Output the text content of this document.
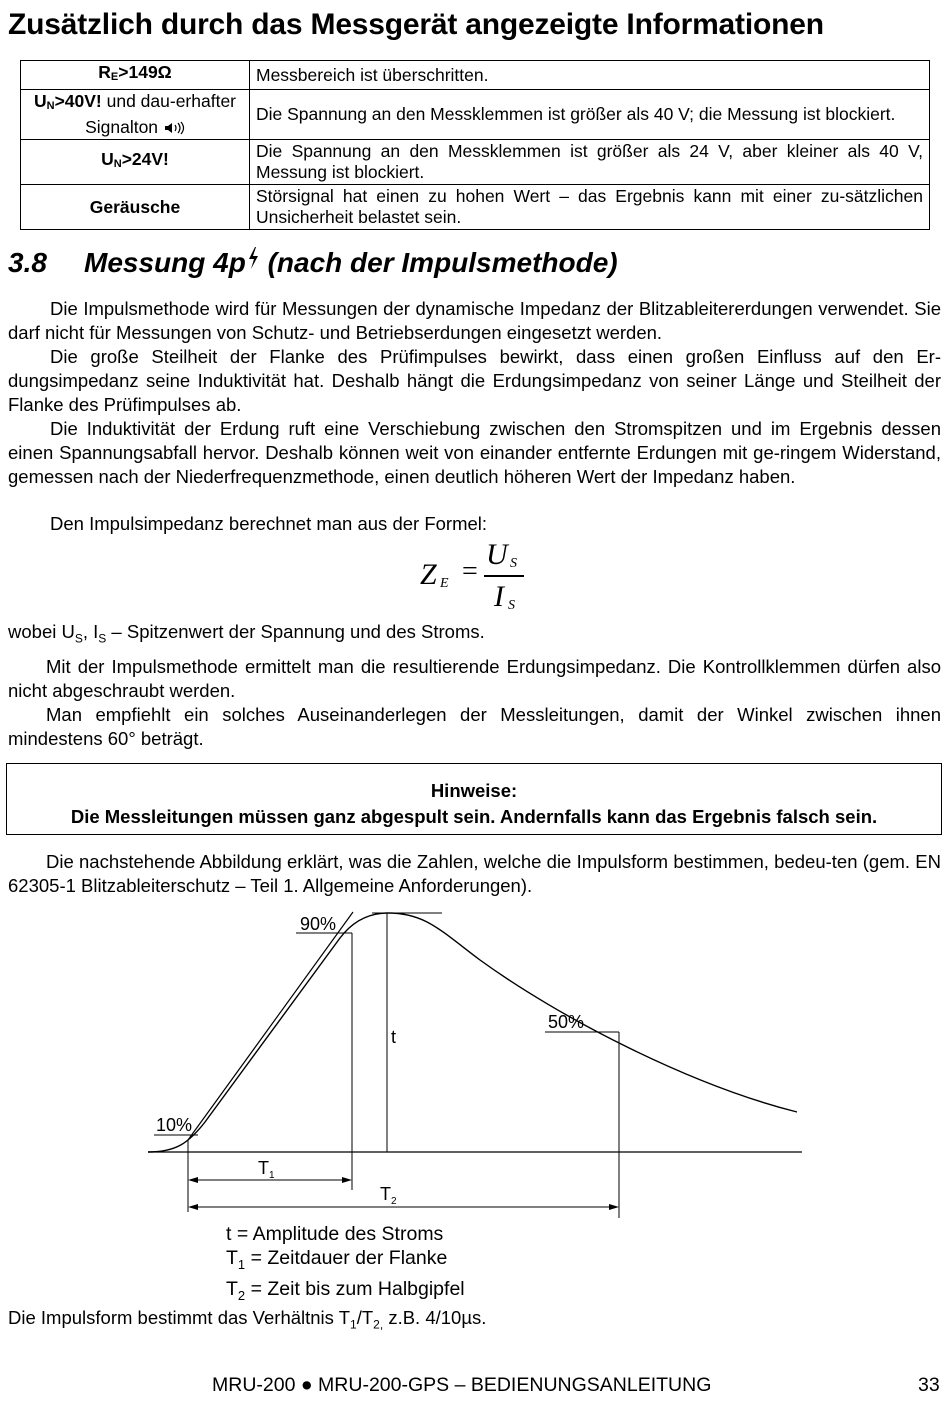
Zusätzlich durch das Messgerät angezeigte Informationen
$R_E>149\Omega$	Messbereich ist überschritten.
$U_N>40V$! und dau-erhafter Signalton	Die Spannung an den Messklemmen ist größer als 40 V; die Messung ist blockiert.
$U_N>24V$!	Die Spannung an den Messklemmen ist größer als 24 V, aber kleiner als 40 V, Messung ist blockiert.
Geräusche	Störsignal hat einen zu hohen Wert – das Ergebnis kann mit einer zu-sätzlichen Unsicherheit belastet sein.
3.8 Messung 4p (nach der Impulsmethode)

Die Impulsmethode wird für Messungen der dynamische Impedanz der Blitzableitererdungen verwendet. Sie darf nicht für Messungen von Schutz- und Betriebserdungen eingesetzt werden.

Die große Steilheit der Flanke des Prüfimpulses bewirkt, dass einen großen Einfluss auf den Er-dungsimpedanz seine Induktivität hat. Deshalb hängt die Erdungsimpedanz von seiner Länge und Steilheit der Flanke des Prüfimpulses ab.

Die Induktivität der Erdung ruft eine Verschiebung zwischen den Stromspitzen und im Ergebnis dessen einen Spannungsabfall hervor. Deshalb können weit von einander entfernte Erdungen mit ge-ringem Widerstand, gemessen nach der Niederfrequenzmethode, einen deutlich höheren Wert der Impedanz haben.

Den Impulsimpedanz berechnet man aus der Formel:

Z E =
U S
I S

wobei $U_S$, $I_S$ – Spitzenwert der Spannung und des Stroms.

Mit der Impulsmethode ermittelt man die resultierende Erdungsimpedanz. Die Kontrollklemmen dürfen also nicht abgeschraubt werden.

Man empfiehlt ein solches Auseinanderlegen der Messleitungen, damit der Winkel zwischen ihnen mindestens 60° beträgt.

Hinweise:
Die Messleitungen müssen ganz abgespult sein. Andernfalls kann das Ergebnis falsch sein.

Die nachstehende Abbildung erklärt, was die Zahlen, welche die Impulsform bestimmen, bedeu-ten (gem. EN 62305-1 Blitzableiterschutz – Teil 1. Allgemeine Anforderungen).

90%
50%
10%
t
$T_1$
$T_2$
t = Amplitude des Stroms
$T_1$ = Zeitdauer der Flanke
$T_2$ = Zeit bis zum Halbgipfel

Die Impulsform bestimmt das Verhältnis $T_1/T_{2,}$ z.B. 4/10µs.

MRU-200 ● MRU-200-GPS – BEDIENUNGSANLEITUNG	33
